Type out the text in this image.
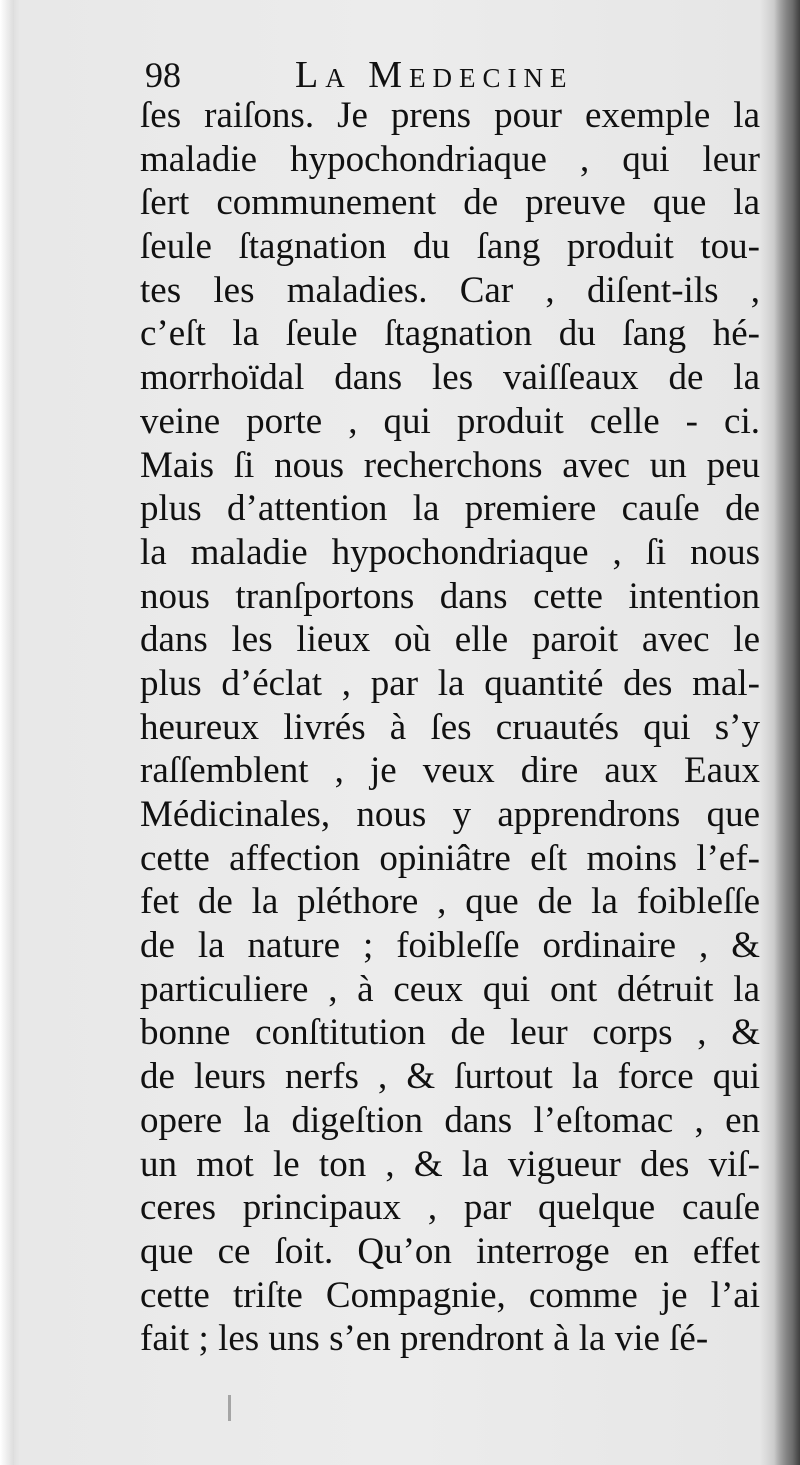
98	La Medecine
ſes raiſons. Je prens pour exemple la
maladie hypochondriaque , qui leur
ſert communement de preuve que la
ſeule ſtagnation du ſang produit tou-
tes les maladies. Car , diſent-ils ,
c’eſt la ſeule ſtagnation du ſang hé-
morrhoïdal dans les vaiſſeaux de la
veine porte , qui produit celle - ci.
Mais ſi nous recherchons avec un peu
plus d’attention la premiere cauſe de
la maladie hypochondriaque , ſi nous
nous tranſportons dans cette intention
dans les lieux où elle paroit avec le
plus d’éclat , par la quantité des mal-
heureux livrés à ſes cruautés qui s’y
raſſemblent , je veux dire aux Eaux
Médicinales, nous y apprendrons que
cette affection opiniâtre eſt moins l’ef-
fet de la pléthore , que de la foibleſſe
de la nature ; foibleſſe ordinaire , &
particuliere , à ceux qui ont détruit la
bonne conſtitution de leur corps , &
de leurs nerfs , & ſurtout la force qui
opere la digeſtion dans l’eſtomac , en
un mot le ton , & la vigueur des viſ-
ceres principaux , par quelque cauſe
que ce ſoit. Qu’on interroge en effet
cette triſte Compagnie, comme je l’ai
fait ; les uns s’en prendront à la vie ſé-
